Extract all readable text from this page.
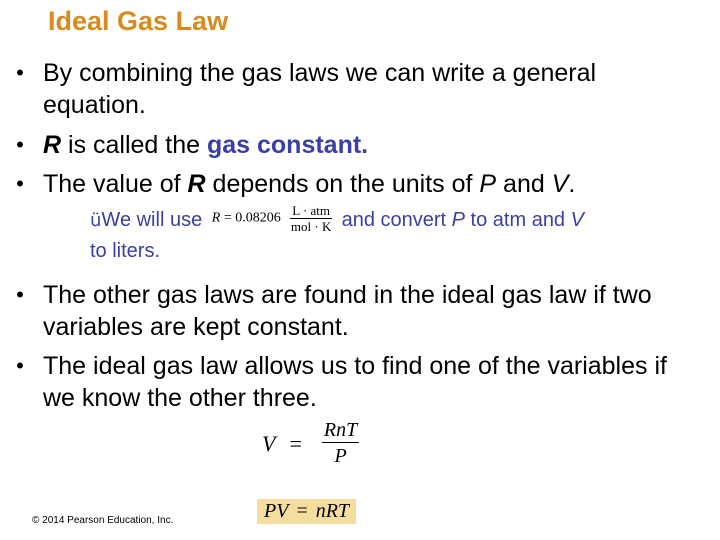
Ideal Gas Law
• By combining the gas laws we can write a general equation.
• R is called the gas constant.
• The value of R depends on the units of P and V.
• The other gas laws are found in the ideal gas law if two variables are kept constant.
• The ideal gas law allows us to find one of the variables if we know the other three.
üWe will use $R = 0.08206 \frac{\text{L · atm}}{\text{mol · K}}$ and convert P to atm and V
to liters.
$V = \frac{\text{RnT}}{P}$
PV = nRT
© 2014 Pearson Education, Inc.
